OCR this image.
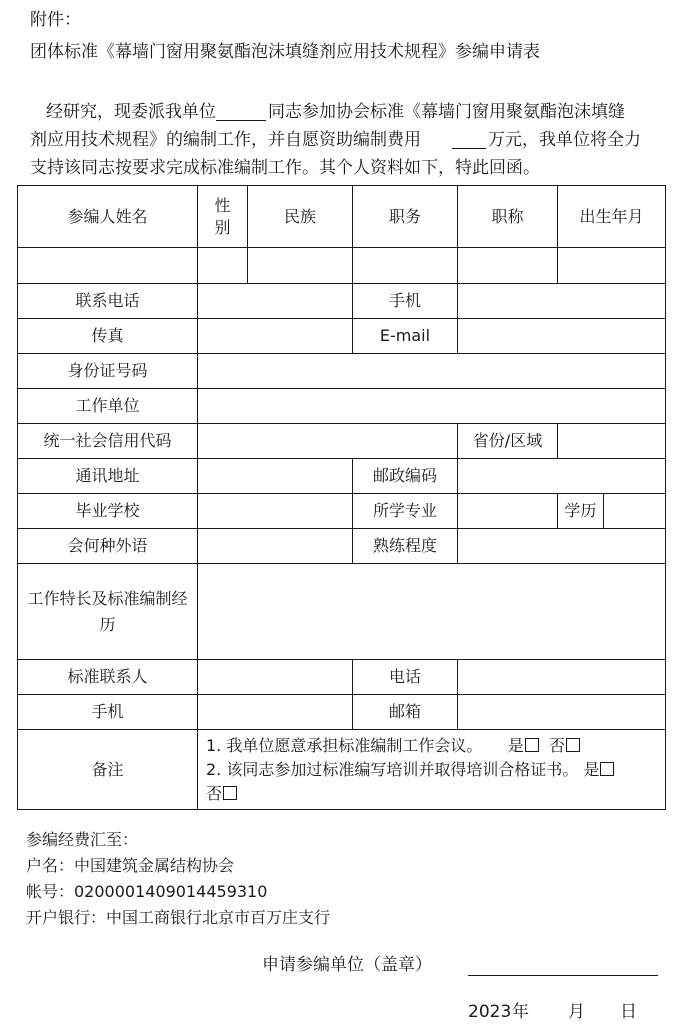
附件：
团体标准《幕墙门窗用聚氨酯泡沫填缝剂应用技术规程》参编申请表
经研究，现委派我单位	同志参加协会标准《幕墙门窗用聚氨酯泡沫填缝
剂应用技术规程》的编制工作，并自愿资助编制费用	万元，我单位将全力
支持该同志按要求完成标准编制工作。其个人资料如下，特此回函。
参编人姓名	性别	民族	职务	职称	出生年月	

联系电话			手机			
传真			E-mail			
身份证号码						
工作单位						
统一社会信用代码				省份/区域		
通讯地址			邮政编码			
毕业学校			所学专业		学历	
会何种外语			熟练程度			
工作特长及标准编制经历						
标准联系人			电话			
手机			邮箱			
备注	1. 我单位愿意承担标准编制工作会议。 是 否
2. 该同志参加过标准编写培训并取得培训合格证书。 是
否					
参编经费汇至：
户名：中国建筑金属结构协会
帐号：0200001409014459310
开户银行：中国工商银行北京市百万庄支行
申请参编单位（盖章）
2023 年 月 日
